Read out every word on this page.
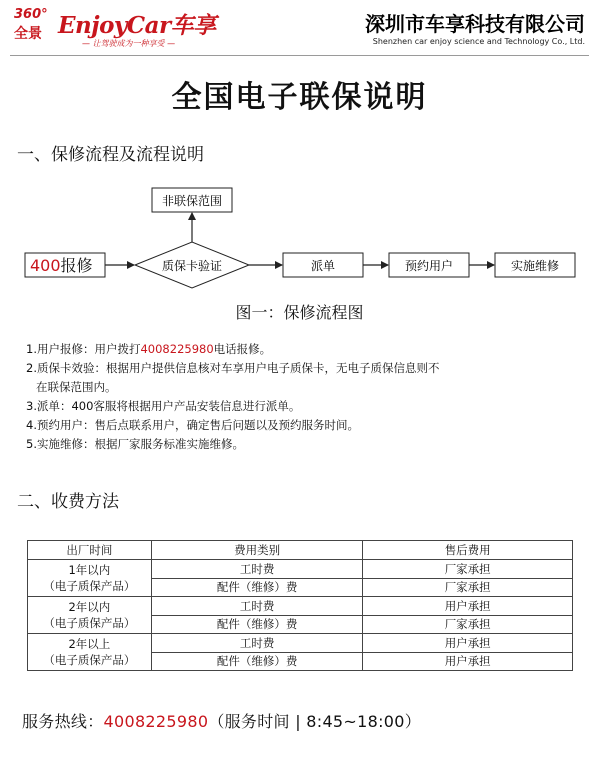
360°
全景 EnjoyCar车享
— 让驾驶成为一种享受 —
深圳市车享科技有限公司
Shenzhen car enjoy science and Technology Co., Ltd.
全国电子联保说明
一、保修流程及流程说明
400报修	质保卡验证
非联保范围
派单	预约用户	实施维修
图一：保修流程图
1.用户报修：用户拨打4008225980电话报修。
2.质保卡效验：根据用户提供信息核对车享用户电子质保卡，无电子质保信息则不
在联保范围内。
3.派单：400客服将根据用户产品安装信息进行派单。
4.预约用户：售后点联系用户，确定售后问题以及预约服务时间。
5.实施维修：根据厂家服务标准实施维修。
二、收费方法
出厂时间	费用类别	售后费用

1年以内
（电子质保产品）	工时费	厂家承担
	配件（维修）费	厂家承担

2年以内
（电子质保产品）	工时费	用户承担
	配件（维修）费	厂家承担

2年以上
（电子质保产品）	工时费	用户承担
	配件（维修）费	用户承担
服务热线：4008225980（服务时间 | 8:45~18:00）
